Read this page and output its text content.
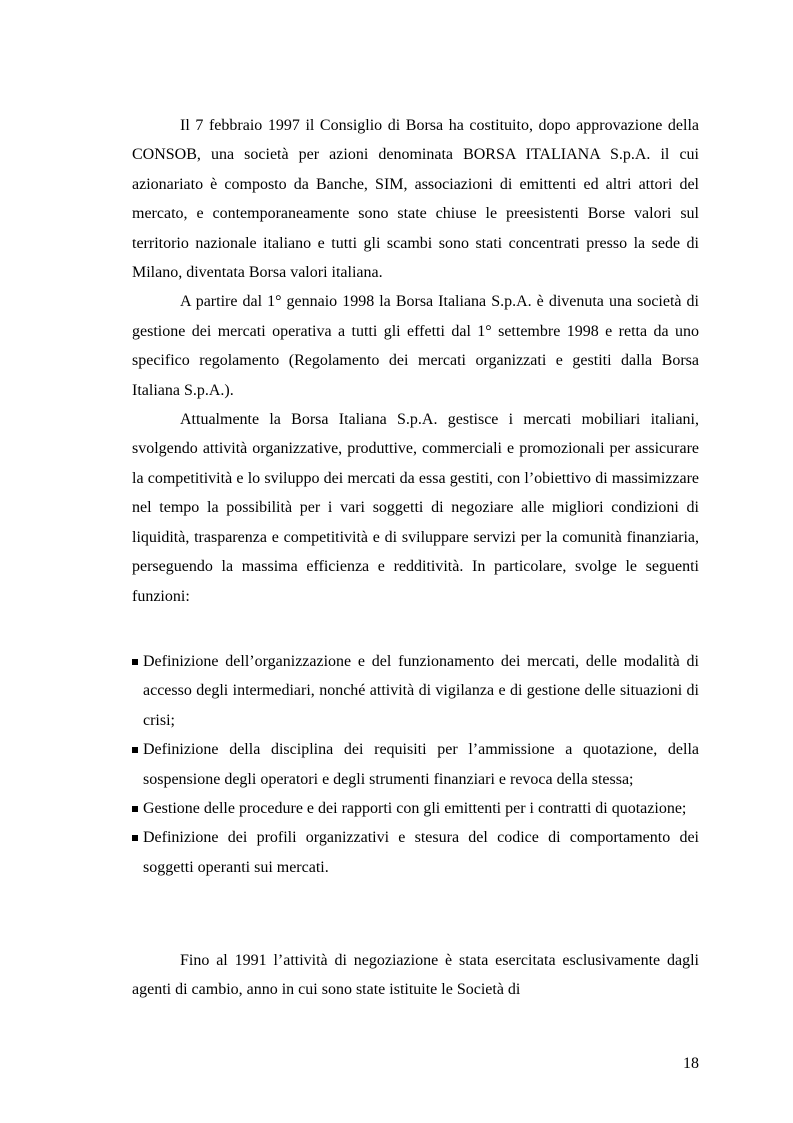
Il 7 febbraio 1997 il Consiglio di Borsa ha costituito, dopo approvazione della CONSOB, una società per azioni denominata BORSA ITALIANA S.p.A. il cui azionariato è composto da Banche, SIM, associazioni di emittenti ed altri attori del mercato, e contemporaneamente sono state chiuse le preesistenti Borse valori sul territorio nazionale italiano e tutti gli scambi sono stati concentrati presso la sede di Milano, diventata Borsa valori italiana.

A partire dal 1° gennaio 1998 la Borsa Italiana S.p.A. è divenuta una società di gestione dei mercati operativa a tutti gli effetti dal 1° settembre 1998 e retta da uno specifico regolamento (Regolamento dei mercati organizzati e gestiti dalla Borsa Italiana S.p.A.).

Attualmente la Borsa Italiana S.p.A. gestisce i mercati mobiliari italiani, svolgendo attività organizzative, produttive, commerciali e promozionali per assicurare la competitività e lo sviluppo dei mercati da essa gestiti, con l’obiettivo di massimizzare nel tempo la possibilità per i vari soggetti di negoziare alle migliori condizioni di liquidità, trasparenza e competitività e di sviluppare servizi per la comunità finanziaria, perseguendo la massima efficienza e redditività. In particolare, svolge le seguenti funzioni:

Definizione dell’organizzazione e del funzionamento dei mercati, delle modalità di accesso degli intermediari, nonché attività di vigilanza e di gestione delle situazioni di crisi;
Definizione della disciplina dei requisiti per l’ammissione a quotazione, della sospensione degli operatori e degli strumenti finanziari e revoca della stessa;
Gestione delle procedure e dei rapporti con gli emittenti per i contratti di quotazione;
Definizione dei profili organizzativi e stesura del codice di comportamento dei soggetti operanti sui mercati.

Fino al 1991 l’attività di negoziazione è stata esercitata esclusivamente dagli agenti di cambio, anno in cui sono state istituite le Società di

18
